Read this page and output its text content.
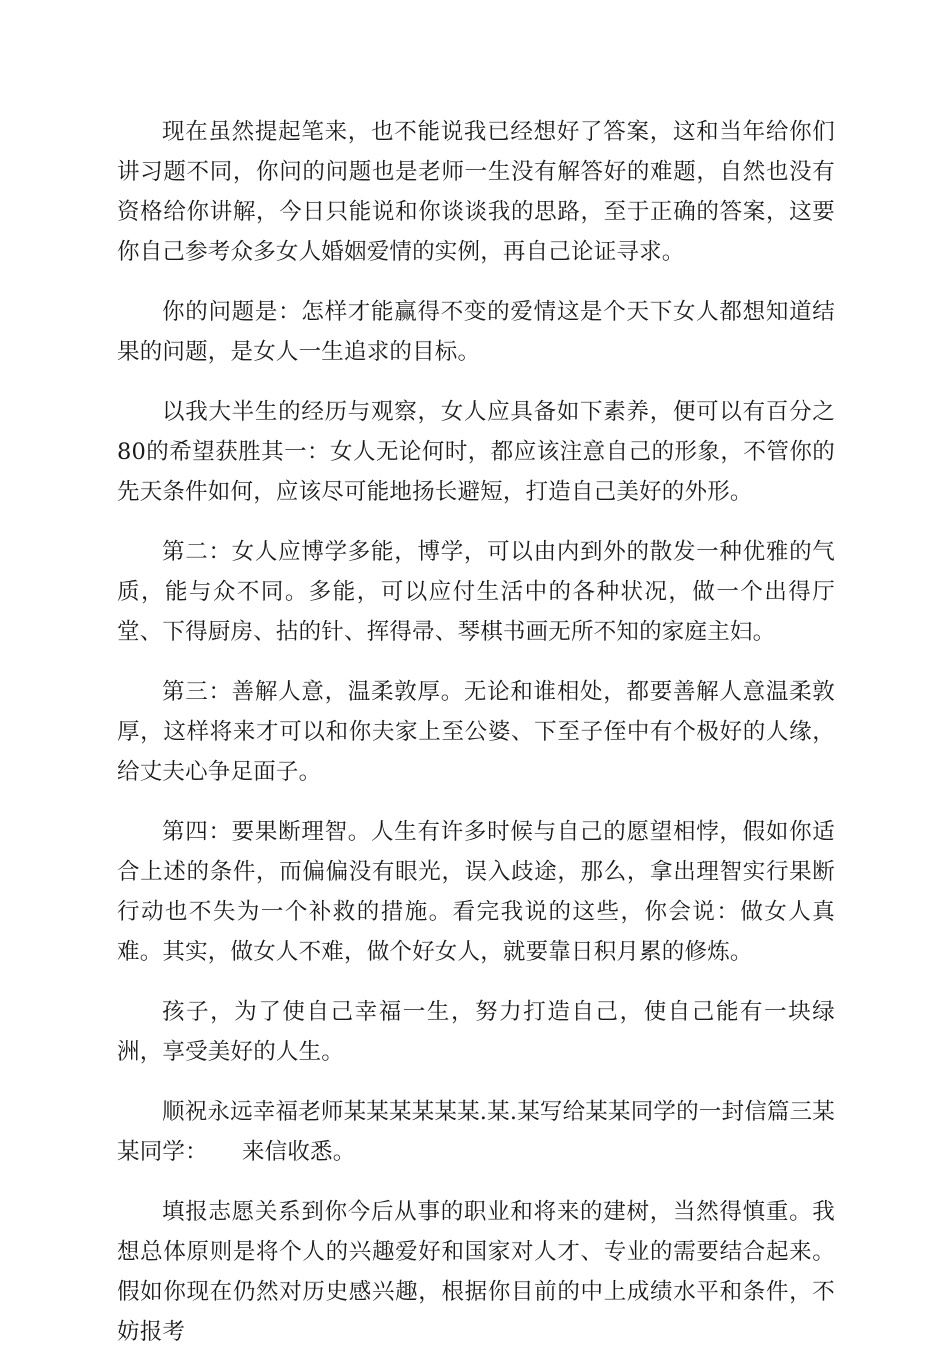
现在虽然提起笔来，也不能说我已经想好了答案，这和当年给你们讲习题不同，你问的问题也是老师一生没有解答好的难题，自然也没有资格给你讲解，今日只能说和你谈谈我的思路，至于正确的答案，这要你自己参考众多女人婚姻爱情的实例，再自己论证寻求。

你的问题是：怎样才能赢得不变的爱情这是个天下女人都想知道结果的问题，是女人一生追求的目标。

以我大半生的经历与观察，女人应具备如下素养，便可以有百分之80的希望获胜其一：女人无论何时，都应该注意自己的形象，不管你的先天条件如何，应该尽可能地扬长避短，打造自己美好的外形。

第二：女人应博学多能，博学，可以由内到外的散发一种优雅的气质，能与众不同。多能，可以应付生活中的各种状况，做一个出得厅堂、下得厨房、拈的针、挥得帚、琴棋书画无所不知的家庭主妇。

第三：善解人意，温柔敦厚。无论和谁相处，都要善解人意温柔敦厚，这样将来才可以和你夫家上至公婆、下至子侄中有个极好的人缘，给丈夫心争足面子。

第四：要果断理智。人生有许多时候与自己的愿望相悖，假如你适合上述的条件，而偏偏没有眼光，误入歧途，那么，拿出理智实行果断行动也不失为一个补救的措施。看完我说的这些，你会说：做女人真难。其实，做女人不难，做个好女人，就要靠日积月累的修炼。

孩子，为了使自己幸福一生，努力打造自己，使自己能有一块绿洲，享受美好的人生。

顺祝永远幸福老师某某某某某某.某.某写给某某同学的一封信篇三某某同学：　　来信收悉。

填报志愿关系到你今后从事的职业和将来的建树，当然得慎重。我想总体原则是将个人的兴趣爱好和国家对人才、专业的需要结合起来。假如你现在仍然对历史感兴趣，根据你目前的中上成绩水平和条件，不妨报考
